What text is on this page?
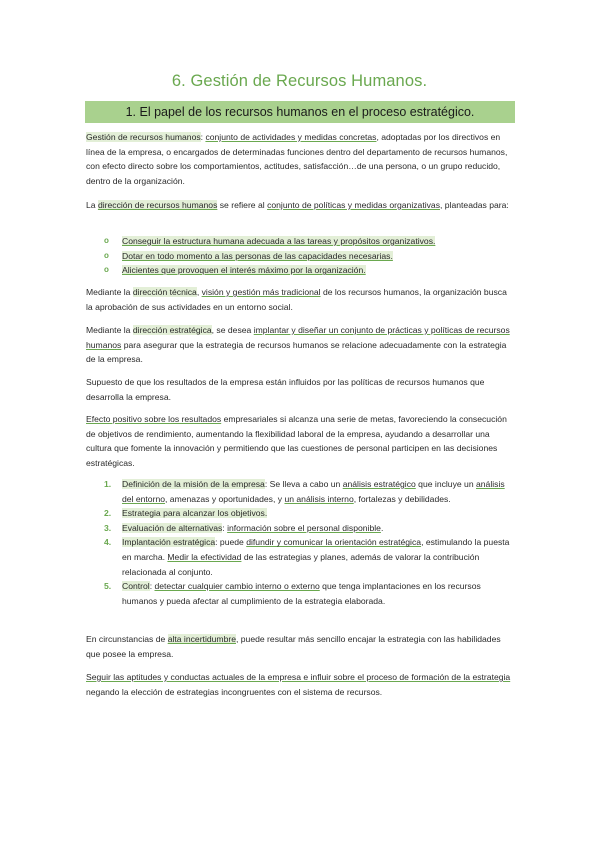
6. Gestión de Recursos Humanos.
1. El papel de los recursos humanos en el proceso estratégico.

Gestión de recursos humanos: conjunto de actividades y medidas concretas, adoptadas por los directivos en línea de la empresa, o encargados de determinadas funciones dentro del departamento de recursos humanos, con efecto directo sobre los comportamientos, actitudes, satisfacción…de una persona, o un grupo reducido, dentro de la organización.

La dirección de recursos humanos se refiere al conjunto de políticas y medidas organizativas, planteadas para:

o Conseguir la estructura humana adecuada a las tareas y propósitos organizativos.
o Dotar en todo momento a las personas de las capacidades necesarias.
o Alicientes que provoquen el interés máximo por la organización.

Mediante la dirección técnica, visión y gestión más tradicional de los recursos humanos, la organización busca la aprobación de sus actividades en un entorno social.

Mediante la dirección estratégica, se desea implantar y diseñar un conjunto de prácticas y políticas de recursos humanos para asegurar que la estrategia de recursos humanos se relacione adecuadamente con la estrategia de la empresa.

Supuesto de que los resultados de la empresa están influidos por las políticas de recursos humanos que desarrolla la empresa.

Efecto positivo sobre los resultados empresariales si alcanza una serie de metas, favoreciendo la consecución de objetivos de rendimiento, aumentando la flexibilidad laboral de la empresa, ayudando a desarrollar una cultura que fomente la innovación y permitiendo que las cuestiones de personal participen en las decisiones estratégicas.

1. Definición de la misión de la empresa: Se lleva a cabo un análisis estratégico que incluye un análisis del entorno, amenazas y oportunidades, y un análisis interno, fortalezas y debilidades.
2. Estrategia para alcanzar los objetivos.
3. Evaluación de alternativas: información sobre el personal disponible.
4. Implantación estratégica: puede difundir y comunicar la orientación estratégica, estimulando la puesta en marcha. Medir la efectividad de las estrategias y planes, además de valorar la contribución relacionada al conjunto.
5. Control: detectar cualquier cambio interno o externo que tenga implantaciones en los recursos humanos y pueda afectar al cumplimiento de la estrategia elaborada.

En circunstancias de alta incertidumbre, puede resultar más sencillo encajar la estrategia con las habilidades que posee la empresa.

Seguir las aptitudes y conductas actuales de la empresa e influir sobre el proceso de formación de la estrategia negando la elección de estrategias incongruentes con el sistema de recursos.
